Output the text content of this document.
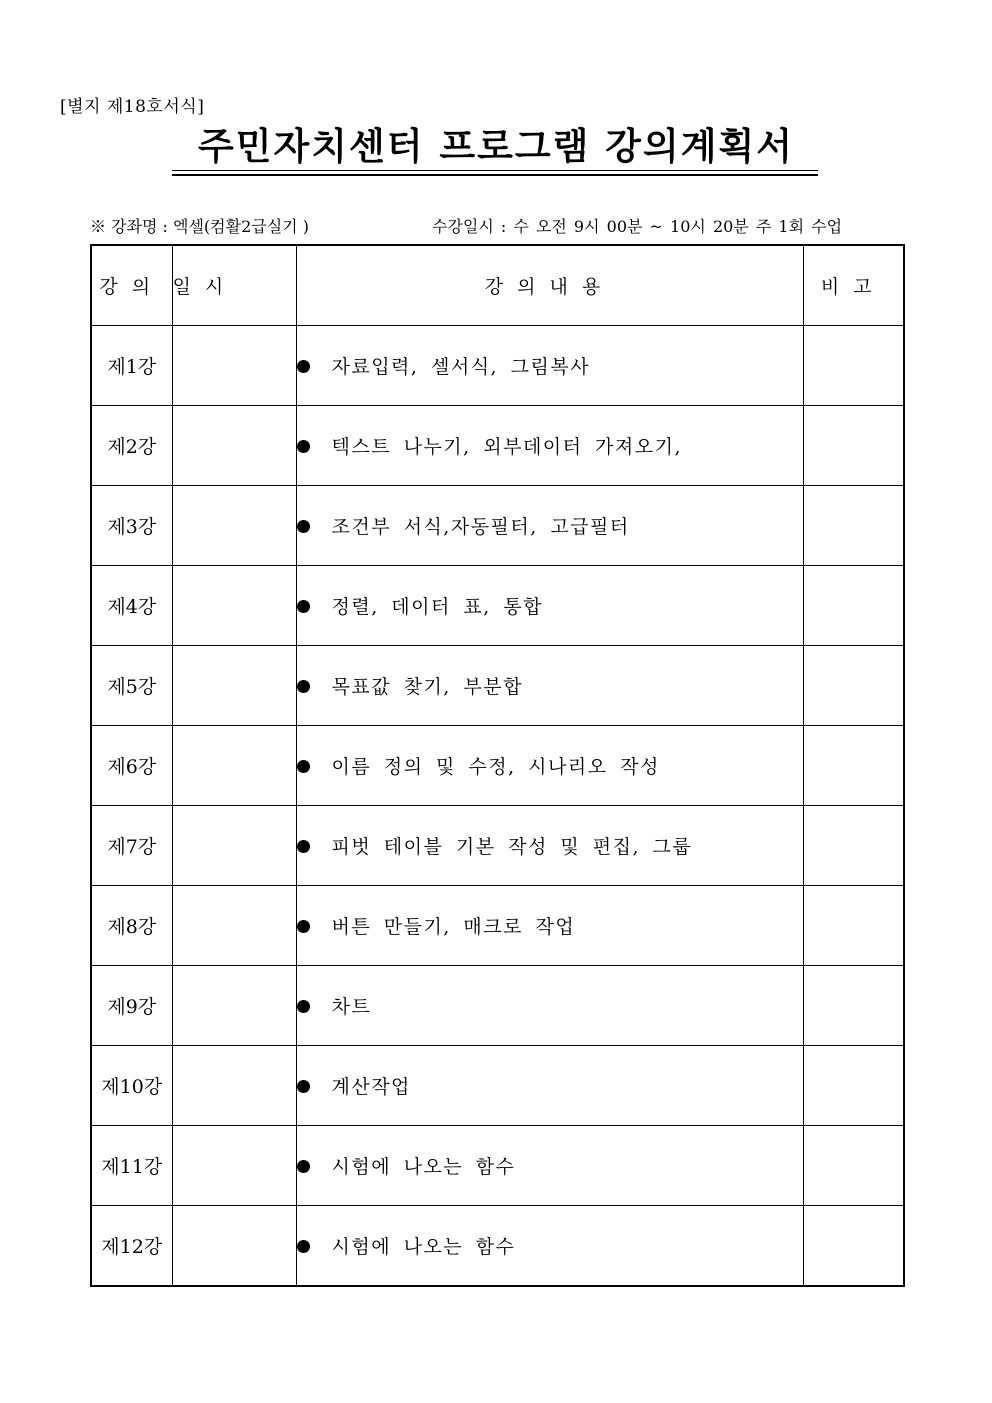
[별지 제18호서식]
주민자치센터 프로그램 강의계획서
※ 강좌명 : 엑셀(컴활2급실기 )	수강일시 : 수 오전 9시 00분 ~ 10시 20분 주 1회 수업
강의	일시	강의내용	비고
제1강		자료입력, 셀서식, 그림복사	
제2강		텍스트 나누기, 외부데이터 가져오기,	
제3강		조건부 서식,자동필터, 고급필터	
제4강		정렬, 데이터 표, 통합	
제5강		목표값 찾기, 부분합	
제6강		이름 정의 및 수정, 시나리오 작성	
제7강		피벗 테이블 기본 작성 및 편집, 그룹	
제8강		버튼 만들기, 매크로 작업	
제9강		차트	
제10강		계산작업	
제11강		시험에 나오는 함수	
제12강		시험에 나오는 함수	
